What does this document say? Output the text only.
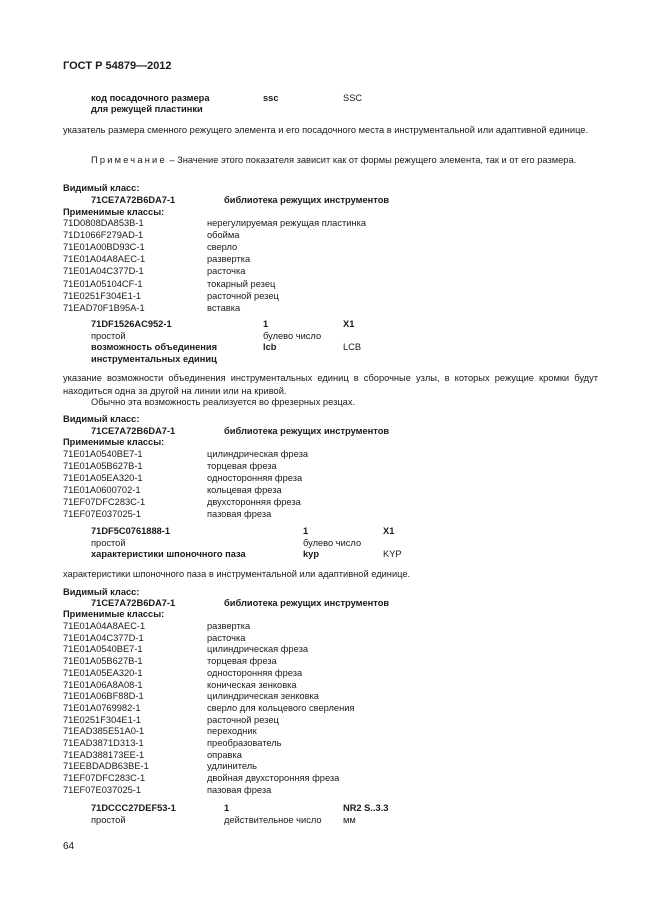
ГОСТ Р 54879—2012
код посадочного размера
для режущей пластинки
ssc	SSC
указатель размера сменного режущего элемента и его посадочного места в инструментальной или адаптивной единице.
Примечание – Значение этого показателя зависит как от формы режущего элемента, так и от его размера.
Видимый класс:
71CE7A72B6DA7-1	библиотека режущих инструментов
Применимые классы:
71D0808DA853B-1	нерегулируемая режущая пластинка
71D1066F279AD-1	обойма
71E01A00BD93C-1	сверло
71E01A04A8AEC-1	развертка
71E01A04C377D-1	расточка
71E01A05104CF-1	токарный резец
71E0251F304E1-1	расточной резец
71EAD70F1B95A-1	вставка
71DF1526AC952-1	1	X1
простой	булево число
возможность объединения
инструментальных единиц
lcb	LCB
указание возможности объединения инструментальных единиц в сборочные узлы, в которых режущие кромки будут находиться одна за другой на линии или на кривой.
Обычно эта возможность реализуется во фрезерных резцах.
Видимый класс:
71CE7A72B6DA7-1	библиотека режущих инструментов
Применимые классы:
71E01A0540BE7-1	цилиндрическая фреза
71E01A05B627B-1	торцевая фреза
71E01A05EA320-1	односторонняя фреза
71E01A0600702-1	кольцевая фреза
71EF07DFC283C-1	двухсторонняя фреза
71EF07E037025-1	пазовая фреза
71DF5C0761888-1	1	X1
простой	булево число
характеристики шпоночного паза	kyp	KYP
характеристики шпоночного паза в инструментальной или адаптивной единице.
Видимый класс:
71CE7A72B6DA7-1	библиотека режущих инструментов
Применимые классы:
71E01A04A8AEC-1	развертка
71E01A04C377D-1	расточка
71E01A0540BE7-1	цилиндрическая фреза
71E01A05B627B-1	торцевая фреза
71E01A05EA320-1	односторонняя фреза
71E01A06A8A08-1	коническая зенковка
71E01A06BF88D-1	цилиндрическая зенковка
71E01A0769982-1	сверло для кольцевого сверления
71E0251F304E1-1	расточной резец
71EAD385E51A0-1	переходник
71EAD3871D313-1	преобразователь
71EAD388173EE-1	оправка
71EEBDADB63BE-1	удлинитель
71EF07DFC283C-1	двойная двухсторонняя фреза
71EF07E037025-1	пазовая фреза
71DCCC27DEF53-1	1	NR2 S..3.3
простой	действительное число мм
64
